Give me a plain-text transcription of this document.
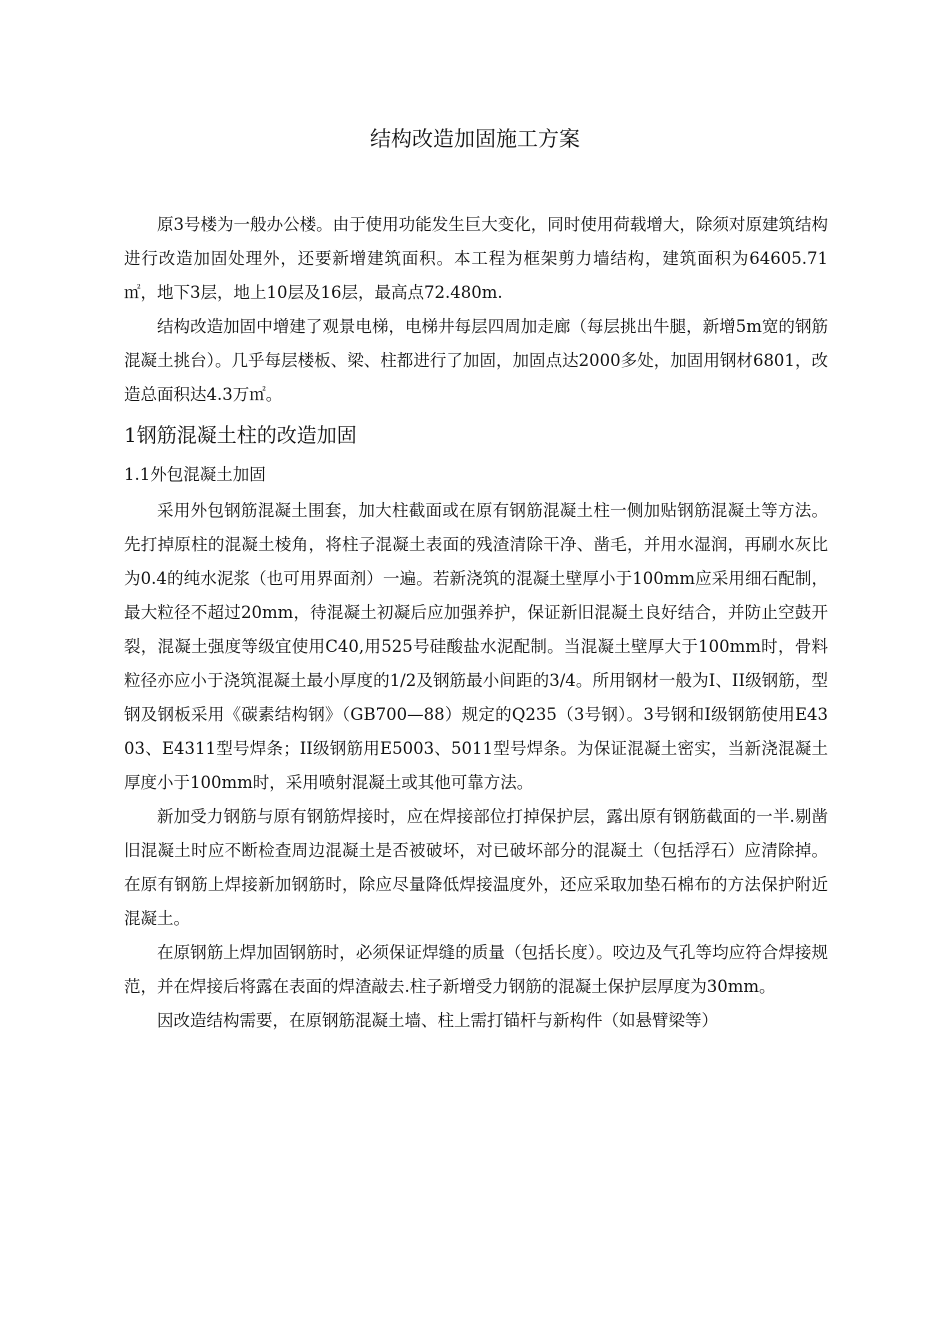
结构改造加固施工方案

原3号楼为一般办公楼。由于使用功能发生巨大变化，同时使用荷载增大，除须对原建筑结构进行改造加固处理外，还要新增建筑面积。本工程为框架剪力墙结构，建筑面积为64605.71㎡，地下3层，地上10层及16层，最高点72.480m.

结构改造加固中增建了观景电梯，电梯井每层四周加走廊（每层挑出牛腿，新增5m宽的钢筋混凝土挑台）。几乎每层楼板、梁、柱都进行了加固，加固点达2000多处，加固用钢材6801，改造总面积达4.3万㎡。

1钢筋混凝土柱的改造加固
1.1外包混凝土加固

采用外包钢筋混凝土围套，加大柱截面或在原有钢筋混凝土柱一侧加贴钢筋混凝土等方法。先打掉原柱的混凝土棱角，将柱子混凝土表面的残渣清除干净、凿毛，并用水湿润，再刷水灰比为0.4的纯水泥浆（也可用界面剂）一遍。若新浇筑的混凝土壁厚小于100mm应采用细石配制，最大粒径不超过20mm，待混凝土初凝后应加强养护，保证新旧混凝土良好结合，并防止空鼓开裂，混凝土强度等级宜使用C40,用525号硅酸盐水泥配制。当混凝土壁厚大于100mm时，骨料粒径亦应小于浇筑混凝土最小厚度的1/2及钢筋最小间距的3/4。所用钢材一般为I、II级钢筋，型钢及钢板采用《碳素结构钢》（GB700—88）规定的Q235（3号钢）。3号钢和I级钢筋使用E4303、E4311型号焊条；II级钢筋用E5003、5011型号焊条。为保证混凝土密实，当新浇混凝土厚度小于100mm时，采用喷射混凝土或其他可靠方法。

新加受力钢筋与原有钢筋焊接时，应在焊接部位打掉保护层，露出原有钢筋截面的一半.剔凿旧混凝土时应不断检查周边混凝土是否被破坏，对已破坏部分的混凝土（包括浮石）应清除掉。在原有钢筋上焊接新加钢筋时，除应尽量降低焊接温度外，还应采取加垫石棉布的方法保护附近混凝土。

在原钢筋上焊加固钢筋时，必须保证焊缝的质量（包括长度）。咬边及气孔等均应符合焊接规范，并在焊接后将露在表面的焊渣敲去.柱子新增受力钢筋的混凝土保护层厚度为30mm。

因改造结构需要，在原钢筋混凝土墙、柱上需打锚杆与新构件（如悬臂梁等）
